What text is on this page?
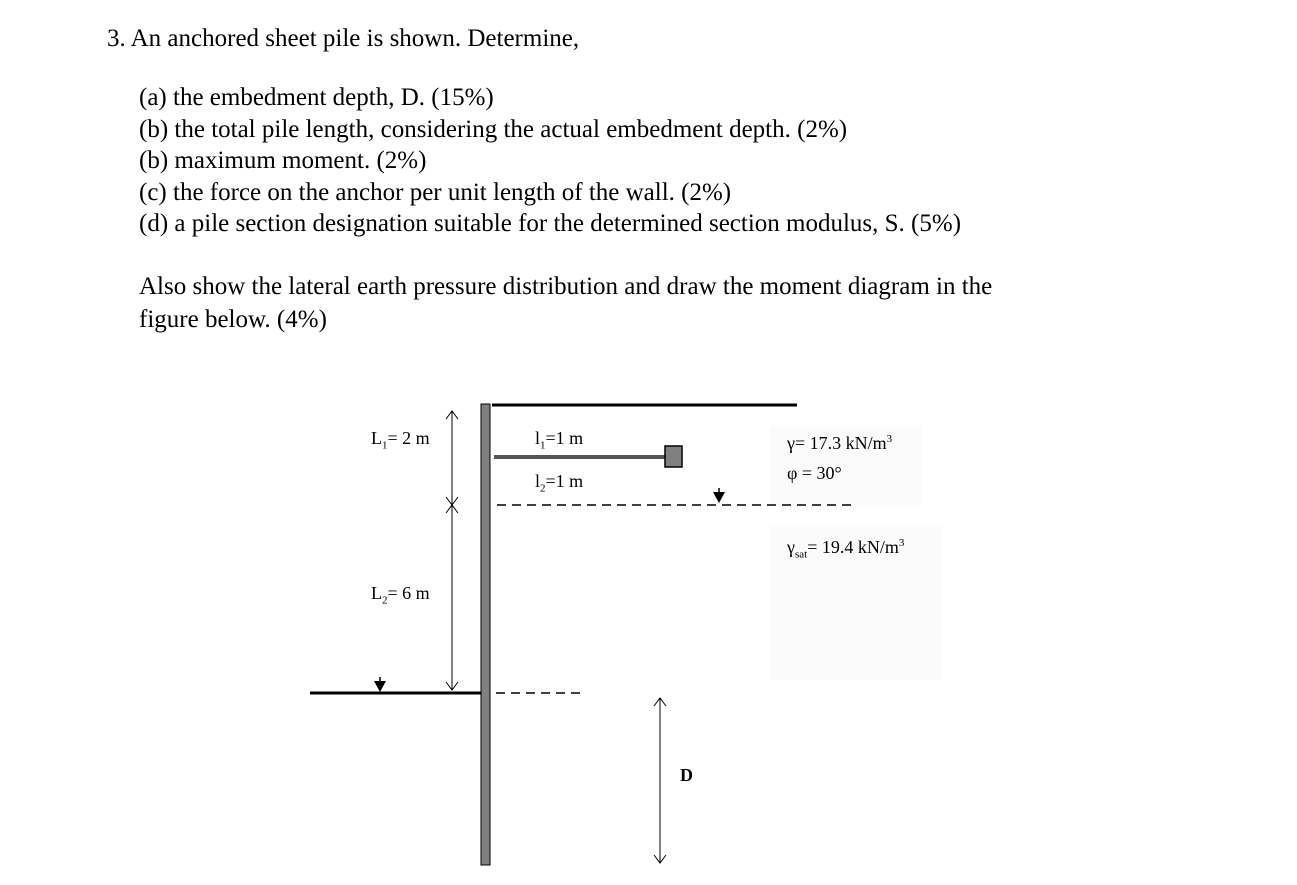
3. An anchored sheet pile is shown. Determine,
(a) the embedment depth, D. (15%)
(b) the total pile length, considering the actual embedment depth. (2%)
(b) maximum moment. (2%)
(c) the force on the anchor per unit length of the wall. (2%)
(d) a pile section designation suitable for the determined section modulus, S. (5%)
Also show the lateral earth pressure distribution and draw the moment diagram in the
figure below. (4%)
$L_1= 2$ m
$L_2= 6$ m
$l_1=1$ m
$l_2=1$ m
γ= 17.3 $kN/m^3$
φ = 30°
$\gamma_{sat}= 19.4$ $kN/m^3$
D
